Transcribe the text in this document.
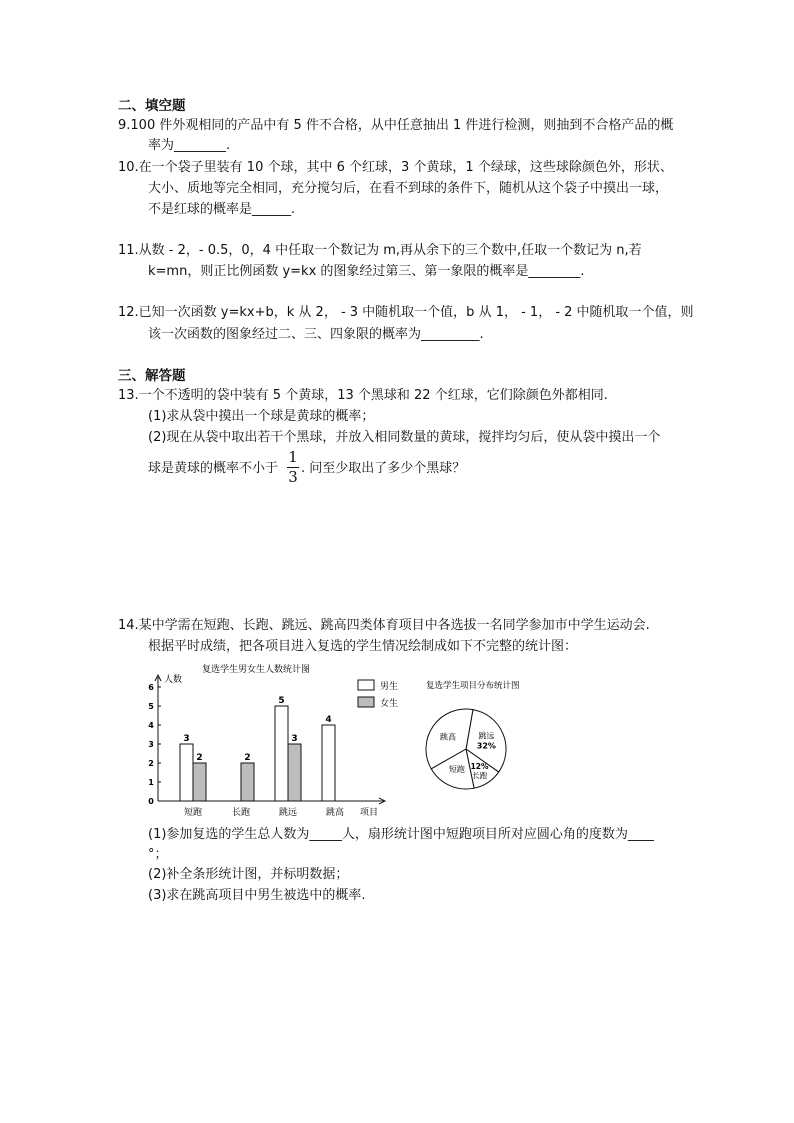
二、填空题
9.100 件外观相同的产品中有 5 件不合格，从中任意抽出 1 件进行检测，则抽到不合格产品的概
率为________.
10.在一个袋子里装有 10 个球，其中 6 个红球，3 个黄球，1 个绿球，这些球除颜色外，形状、
大小、质地等完全相同，充分搅匀后，在看不到球的条件下，随机从这个袋子中摸出一球，
不是红球的概率是______.
11.从数 - 2，- 0.5，0，4 中任取一个数记为 m,再从余下的三个数中,任取一个数记为 n,若
k=mn，则正比例函数 y=kx 的图象经过第三、第一象限的概率是________.
12.已知一次函数 y=kx+b，k 从 2， - 3 中随机取一个值，b 从 1， - 1， - 2 中随机取一个值，则
该一次函数的图象经过二、三、四象限的概率为_________.
三、解答题
13.一个不透明的袋中装有 5 个黄球，13 个黑球和 22 个红球，它们除颜色外都相同.
(1)求从袋中摸出一个球是黄球的概率；
(2)现在从袋中取出若干个黑球，并放入相同数量的黄球，搅拌均匀后，使从袋中摸出一个
球是黄球的概率不小于
1
3 . 问至少取出了多少个黑球？
14.某中学需在短跑、长跑、跳远、跳高四类体育项目中各选拔一名同学参加市中学生运动会.
根据平时成绩，把各项目进入复选的学生情况绘制成如下不完整的统计图：
复选学生男女生人数统计图
人数
项目
0
1
2
3
4
5
6
短跑	长跑	跳远	跳高
3
5
4
2	2
3
男生
女生
复选学生项目分布统计图
跳远
32%
12%
长跑
短跑
跳高
(1)参加复选的学生总人数为_____人，扇形统计图中短跑项目所对应圆心角的度数为____
°；
(2)补全条形统计图，并标明数据；
(3)求在跳高项目中男生被选中的概率.
